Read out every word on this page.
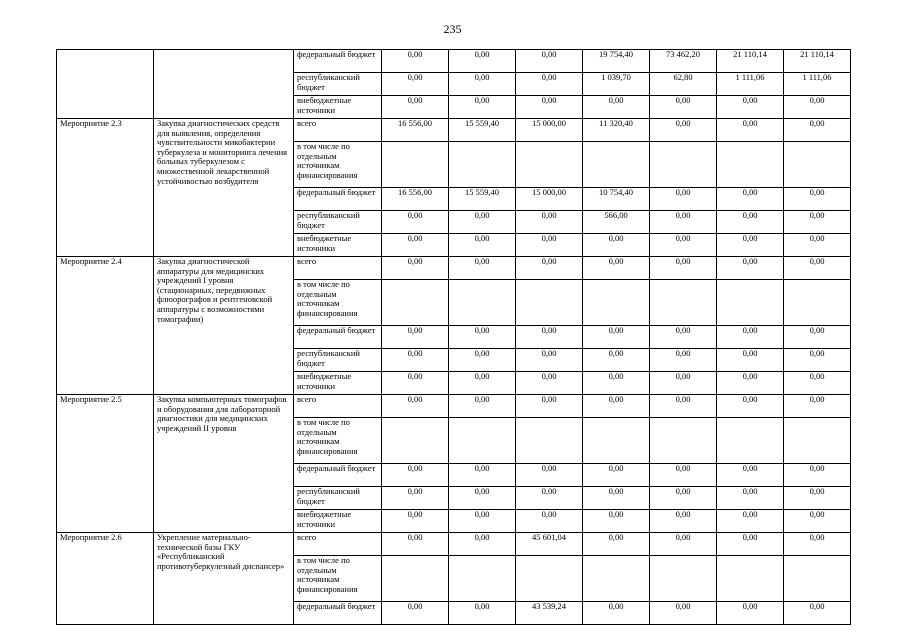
235
		федеральный бюджет	0,00	0,00	0,00	19 754,40	73 462,20	21 110,14	21 110,14
		республиканский бюджет	0,00	0,00	0,00	1 039,70	62,80	1 111,06	1 111,06
		внебюджетные источники	0,00	0,00	0,00	0,00	0,00	0,00	0,00
Мероприятие 2.3	Закупка диагностических средств для выявления, определения чувствительности микобактерии туберкулеза и мониторинга лечения больных туберкулезом с множественной лекарственной устойчивостью возбудителя	всего	16 556,00	15 559,40	15 000,00	11 320,40	0,00	0,00	0,00
		в том числе по отдельным источникам финансирования							
		федеральный бюджет	16 556,00	15 559,40	15 000,00	10 754,40	0,00	0,00	0,00
		республиканский бюджет	0,00	0,00	0,00	566,00	0,00	0,00	0,00
		внебюджетные источники	0,00	0,00	0,00	0,00	0,00	0,00	0,00
Мероприятие 2.4	Закупка диагностической аппаратуры для медицинских учреждений I уровня (стационарных, передвижных флюорографов и рентгеновской аппаратуры с возможностями томографии)	всего	0,00	0,00	0,00	0,00	0,00	0,00	0,00
		в том числе по отдельным источникам финансирования							
		федеральный бюджет	0,00	0,00	0,00	0,00	0,00	0,00	0,00
		республиканский бюджет	0,00	0,00	0,00	0,00	0,00	0,00	0,00
		внебюджетные источники	0,00	0,00	0,00	0,00	0,00	0,00	0,00
Мероприятие 2.5	Закупка компьютерных томографов и оборудования для лабораторной диагностики для медицинских учреждений II уровня	всего	0,00	0,00	0,00	0,00	0,00	0,00	0,00
		в том числе по отдельным источникам финансирования							
		федеральный бюджет	0,00	0,00	0,00	0,00	0,00	0,00	0,00
		республиканский бюджет	0,00	0,00	0,00	0,00	0,00	0,00	0,00
		внебюджетные источники	0,00	0,00	0,00	0,00	0,00	0,00	0,00
Мероприятие 2.6	Укрепление материально-технической базы ГКУ «Республиканский противотуберкулезный диспансер»	всего	0,00	0,00	45 601,04	0,00	0,00	0,00	0,00
		в том числе по отдельным источникам финансирования							
		федеральный бюджет	0,00	0,00	43 539,24	0,00	0,00	0,00	0,00
